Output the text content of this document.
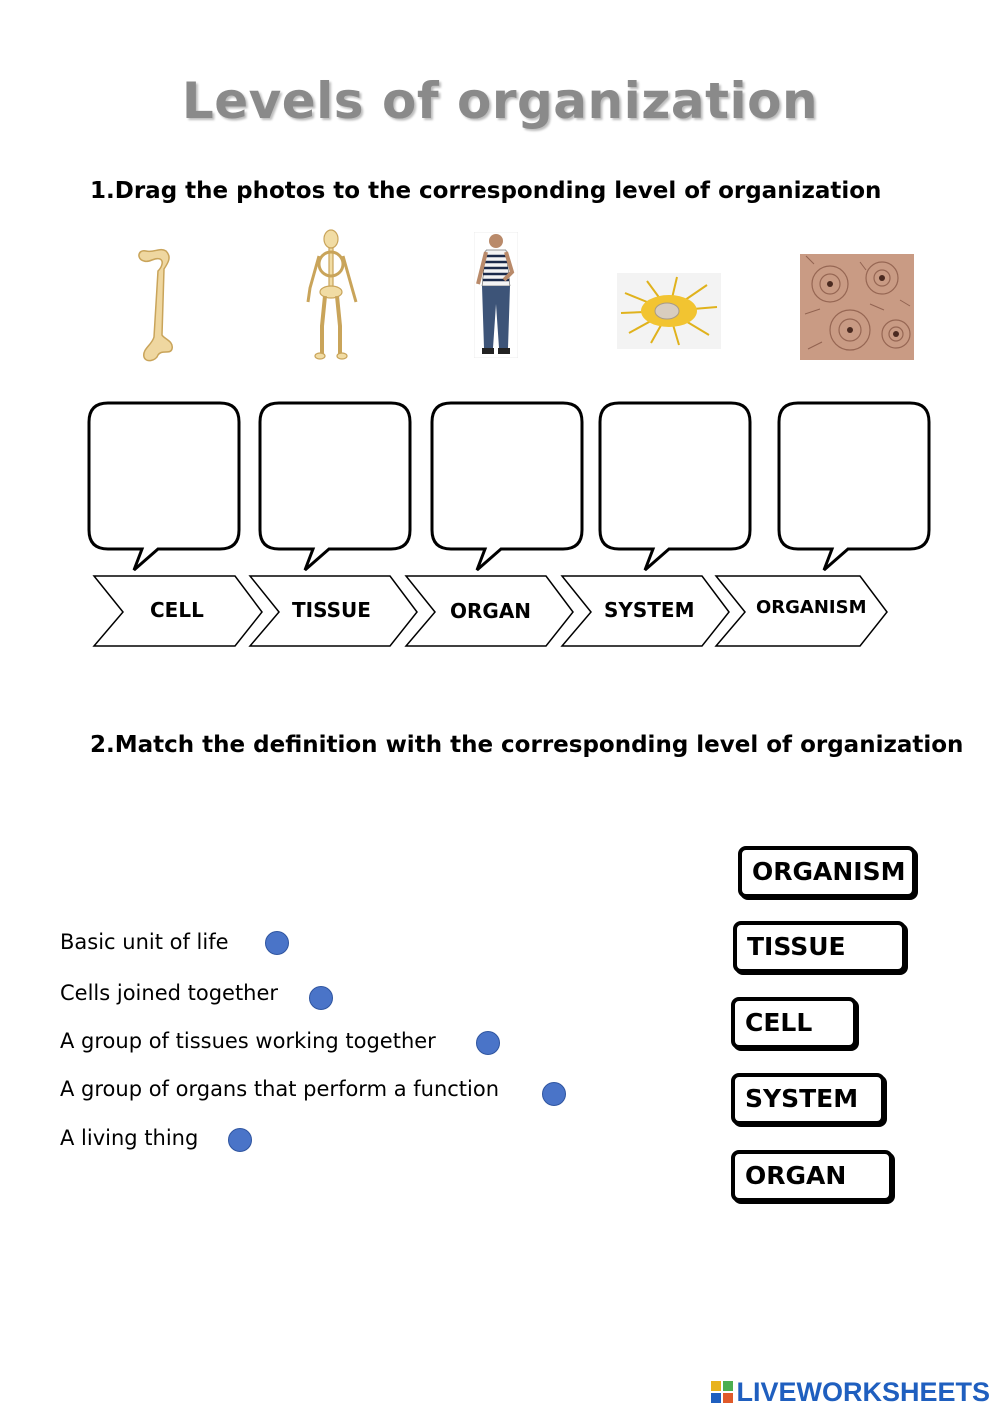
Levels of organization
1.Drag the photos to the corresponding level of organization
CELL	TISSUE	ORGAN	SYSTEM	ORGANISM
2.Match the definition with the corresponding level of organization
Basic unit of life
Cells joined together
A group of tissues working together
A group of organs that perform a function
A living thing
ORGANISM
TISSUE
CELL
SYSTEM
ORGAN
LIVEWORKSHEETS
